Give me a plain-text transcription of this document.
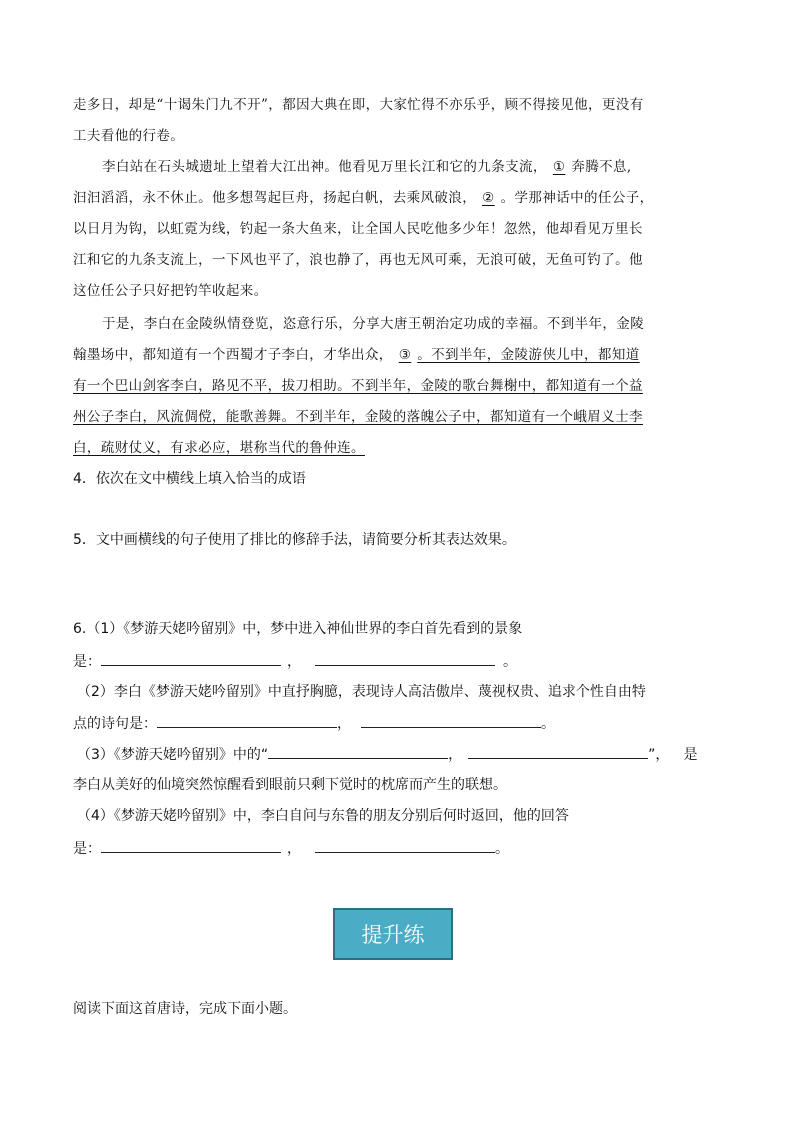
走多日，却是“十谒朱门九不开”，都因大典在即，大家忙得不亦乐乎，顾不得接见他，更没有
工夫看他的行卷。
李白站在石头城遗址上望着大江出神。他看见万里长江和它的九条支流， ① 奔腾不息,
汩汩滔滔，永不休止。他多想驾起巨舟，扬起白帆，去乘风破浪， ② 。学那神话中的任公子，
以日月为钩，以虹霓为线，钓起一条大鱼来，让全国人民吃他多少年！忽然，他却看见万里长
江和它的九条支流上，一下风也平了，浪也静了，再也无风可乘，无浪可破，无鱼可钓了。他
这位任公子只好把钓竿收起来。
于是，李白在金陵纵情登览，恣意行乐，分享大唐王朝治定功成的幸福。不到半年，金陵
翰墨场中，都知道有一个西蜀才子李白，才华出众， ③ 。不到半年，金陵游侠儿中，都知道
有一个巴山剑客李白，路见不平，拔刀相助。不到半年，金陵的歌台舞榭中，都知道有一个益
州公子李白，风流倜傥，能歌善舞。不到半年，金陵的落魄公子中，都知道有一个峨眉义士李
白，疏财仗义，有求必应，堪称当代的鲁仲连。
4．依次在文中横线上填入恰当的成语
5．文中画横线的句子使用了排比的修辞手法，请简要分析其表达效果。
6.（1）《梦游天姥吟留别》中，梦中进入神仙世界的李白首先看到的景象
是：	，	。
（2）李白《梦游天姥吟留别》中直抒胸臆，表现诗人高洁傲岸、蔑视权贵、追求个性自由特
点的诗句是：	，	。
（3）《梦游天姥吟留别》中的“	，	”， 是
李白从美好的仙境突然惊醒看到眼前只剩下觉时的枕席而产生的联想。
（4）《梦游天姥吟留别》中，李白自问与东鲁的朋友分别后何时返回，他的回答
是：	，	。
提升练
阅读下面这首唐诗，完成下面小题。
